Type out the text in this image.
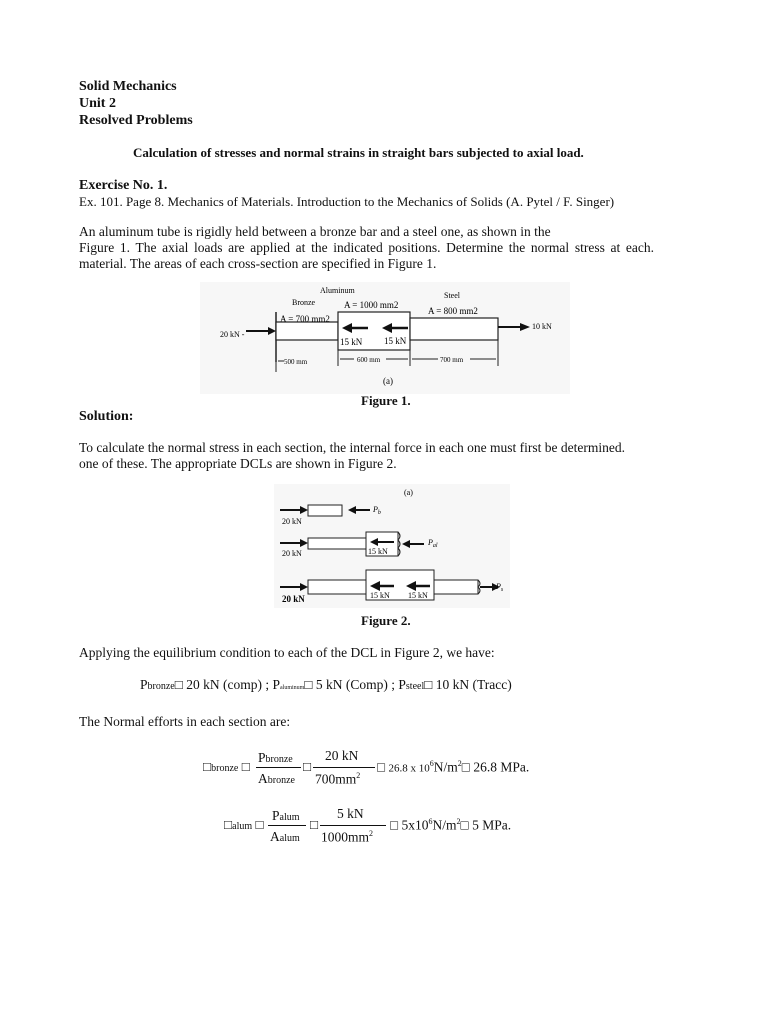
Solid Mechanics
Unit 2
Resolved Problems
Calculation of stresses and normal strains in straight bars subjected to axial load.
Exercise No. 1.
Ex. 101. Page 8. Mechanics of Materials. Introduction to the Mechanics of Solids (A. Pytel / F. Singer)
An aluminum tube is rigidly held between a bronze bar and a steel one, as shown in the
Figure 1. The axial loads are applied at the indicated positions. Determine the normal stress at each.
material. The areas of each cross-section are specified in Figure 1.
Aluminum
Bronze
Steel
A = 700 mm2
A = 1000 mm2
A = 800 mm2
20 kN -
15 kN 15 kN
10 kN
500 mm	600 mm	700 mm
(a)
Figure 1.
Solution:
To calculate the normal stress in each section, the internal force in each one must first be determined.
one of these. The appropriate DCLs are shown in Figure 2.
(a)
20 kN
$P_b$
20 kN	15 kN
$P_{al}$
20 kN	15 kN 15 kN
$P_s$
Figure 2.
Applying the equilibrium condition to each of the DCL in Figure 2, we have:
Pbronze□ 20 kN (comp) ; Paluminum□ 5 kN (Comp) ; Psteel□ 10 kN (Tracc)
The Normal efforts in each section are:
□bronze □
Pbronze
Abronze
□
20 kN
$700mm^2$
□ 26.8 x $10^6N/m^2□$ 26.8 MPa.
□alum □
Palum
Aalum
□
5 kN
$1000mm^2$
□ $5x10^6N/m^2□$ 5 MPa.
